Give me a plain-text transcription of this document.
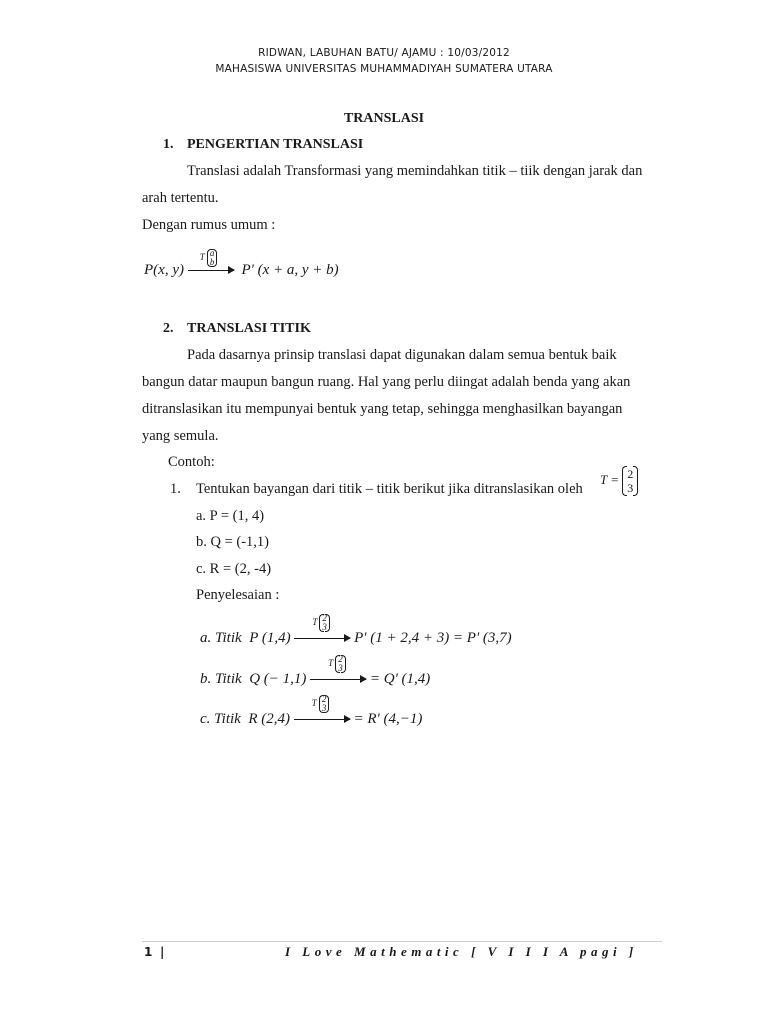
RIDWAN, LABUHAN BATU/ AJAMU : 10/03/2012
MAHASISWA UNIVERSITAS MUHAMMADIYAH SUMATERA UTARA
TRANSLASI
1. PENGERTIAN TRANSLASI
Translasi adalah Transformasi yang memindahkan titik – tiik dengan jarak dan
arah tertentu.
Dengan rumus umum :
P(x, y)
T a
b P' (x + a, y + b)
2. TRANSLASI TITIK
Pada dasarnya prinsip translasi dapat digunakan dalam semua bentuk baik
bangun datar maupun bangun ruang. Hal yang perlu diingat adalah benda yang akan
ditranslasikan itu mempunyai bentuk yang tetap, sehingga menghasilkan bayangan
yang semula.
Contoh:
1. Tentukan bayangan dari titik – titik berikut jika ditranslasikan oleh
T = 2
3
a. P = (1, 4)
b. Q = (-1,1)
c. R = (2, -4)
Penyelesaian :
a. Titik P (1,4)
T 2
3
P' (1 + 2,4 + 3) = P' (3,7)
b. Titik Q (− 1,1)
T 2
3
= Q' (1,4)
c. Titik R (2,4)
T 2
3
= R' (4,−1)
1 |	I Love Mathematic [ V I I I A pagi ]
